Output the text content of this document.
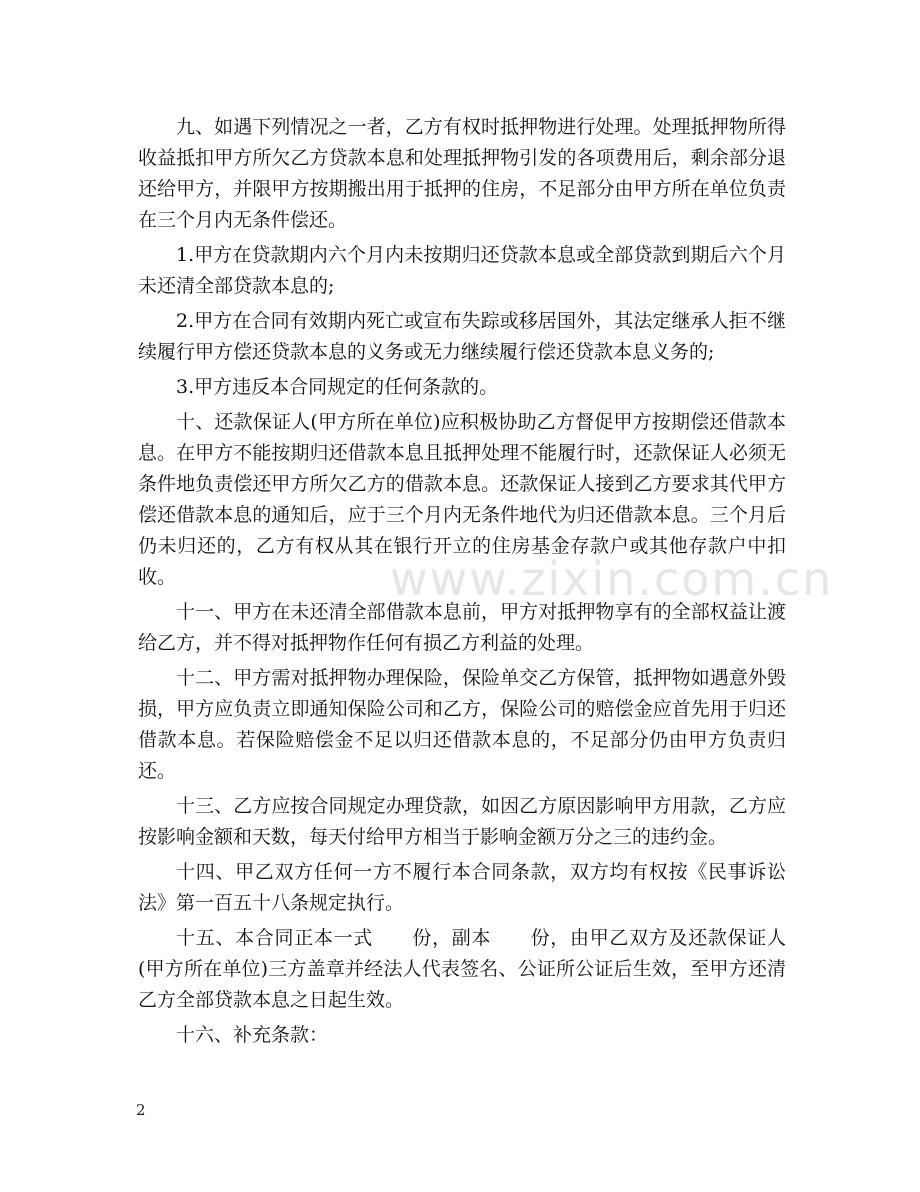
九、如遇下列情况之一者，乙方有权时抵押物进行处理。处理抵押物所得收益抵扣甲方所欠乙方贷款本息和处理抵押物引发的各项费用后，剩余部分退还给甲方，并限甲方按期搬出用于抵押的住房，不足部分由甲方所在单位负责在三个月内无条件偿还。

1.甲方在贷款期内六个月内未按期归还贷款本息或全部贷款到期后六个月未还清全部贷款本息的;

2.甲方在合同有效期内死亡或宣布失踪或移居国外，其法定继承人拒不继续履行甲方偿还贷款本息的义务或无力继续履行偿还贷款本息义务的;

3.甲方违反本合同规定的任何条款的。

十、还款保证人(甲方所在单位)应积极协助乙方督促甲方按期偿还借款本息。在甲方不能按期归还借款本息且抵押处理不能履行时，还款保证人必须无条件地负责偿还甲方所欠乙方的借款本息。还款保证人接到乙方要求其代甲方偿还借款本息的通知后，应于三个月内无条件地代为归还借款本息。三个月后仍未归还的，乙方有权从其在银行开立的住房基金存款户或其他存款户中扣收。

十一、甲方在未还清全部借款本息前，甲方对抵押物享有的全部权益让渡给乙方，并不得对抵押物作任何有损乙方利益的处理。

十二、甲方需对抵押物办理保险，保险单交乙方保管，抵押物如遇意外毁损，甲方应负责立即通知保险公司和乙方，保险公司的赔偿金应首先用于归还借款本息。若保险赔偿金不足以归还借款本息的，不足部分仍由甲方负责归还。

十三、乙方应按合同规定办理贷款，如因乙方原因影响甲方用款，乙方应按影响金额和天数，每天付给甲方相当于影响金额万分之三的违约金。

十四、甲乙双方任何一方不履行本合同条款，双方均有权按《民事诉讼法》第一百五十八条规定执行。

十五、本合同正本一式　　份，副本　　份，由甲乙双方及还款保证人(甲方所在单位)三方盖章并经法人代表签名、公证所公证后生效，至甲方还清乙方全部贷款本息之日起生效。

十六、补充条款：

www.zixin.com.cn
2
